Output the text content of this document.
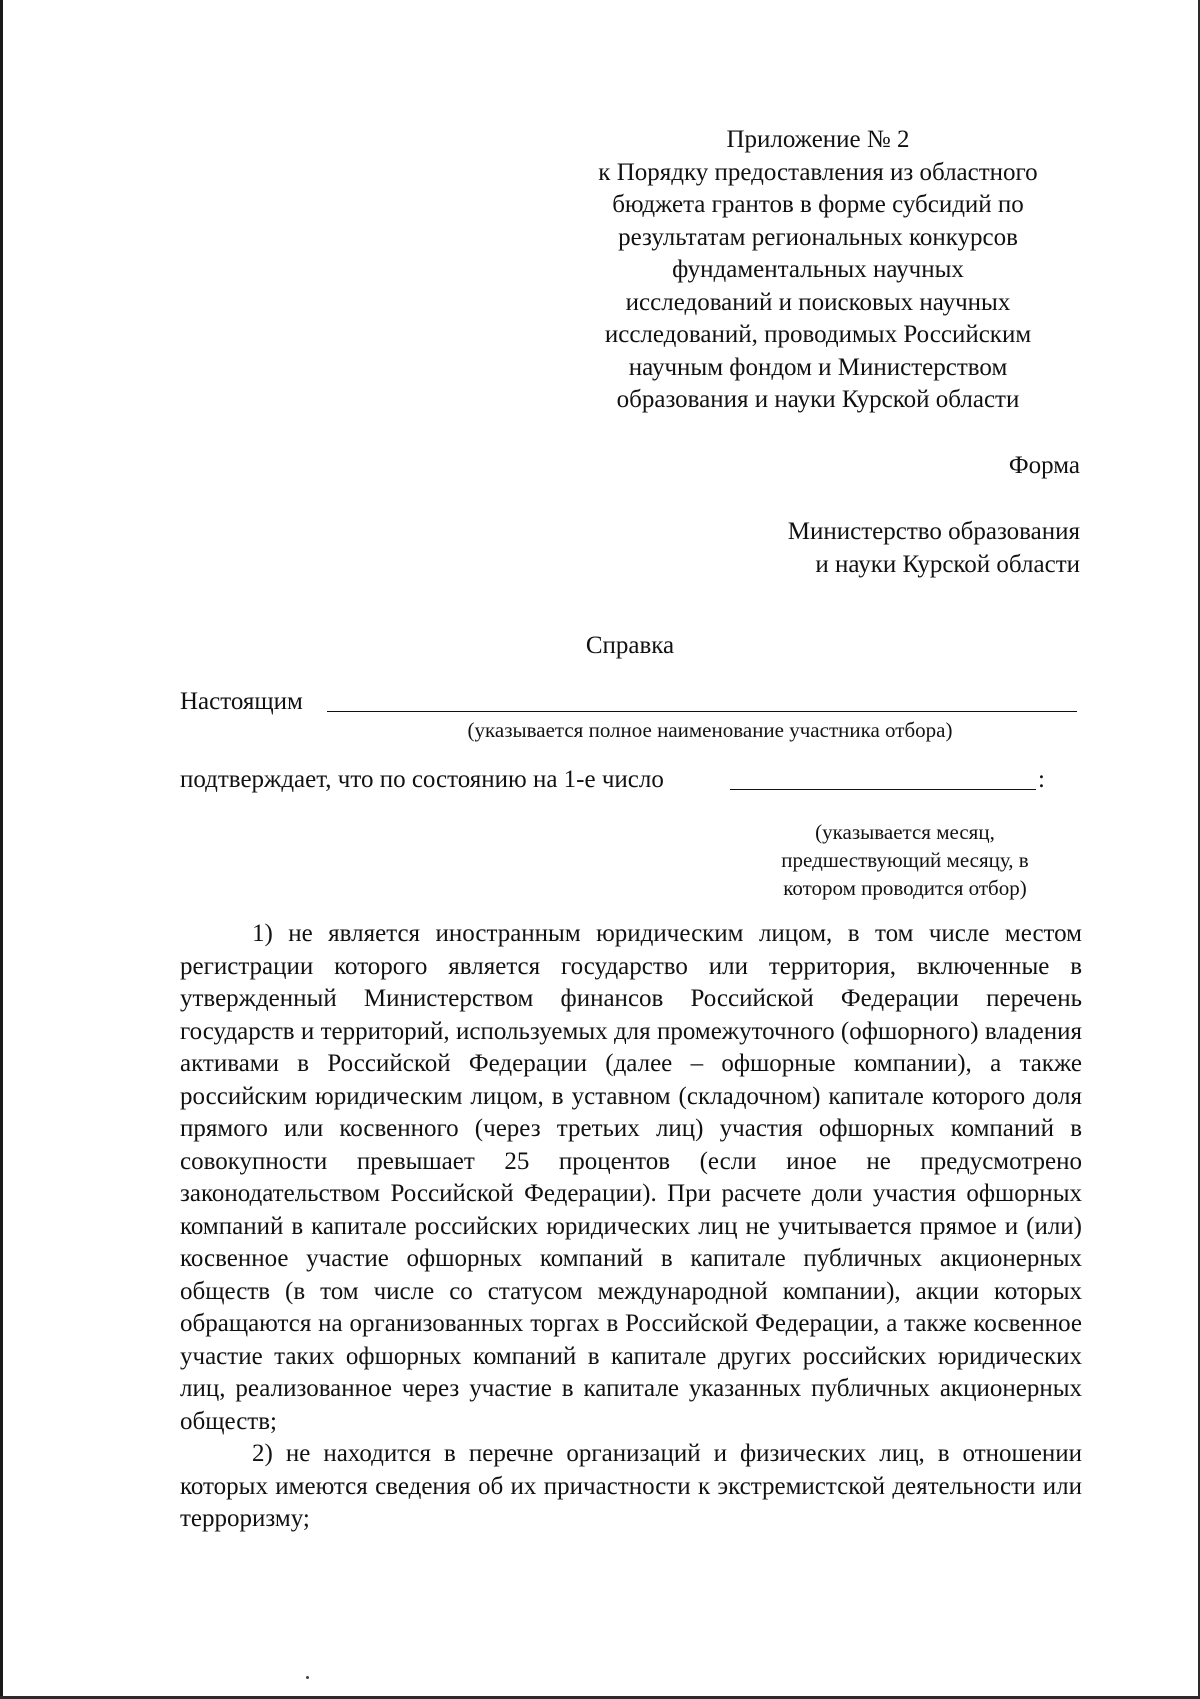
Приложение № 2
к Порядку предоставления из областного
бюджета грантов в форме субсидий по
результатам региональных конкурсов
фундаментальных научных
исследований и поисковых научных
исследований, проводимых Российским
научным фондом и Министерством
образования и науки Курской области
Форма
Министерство образования
и науки Курской области
Справка
Настоящим
(указывается полное наименование участника отбора)
подтверждает, что по состоянию на 1-е число	:
(указывается месяц,
предшествующий месяцу, в
котором проводится отбор)

1) не является иностранным юридическим лицом, в том числе местом регистрации которого является государство или территория, включенные в утвержденный Министерством финансов Российской Федерации перечень государств и территорий, используемых для промежуточного (офшорного) владения активами в Российской Федерации (далее – офшорные компании), а также российским юридическим лицом, в уставном (складочном) капитале которого доля прямого или косвенного (через третьих лиц) участия офшорных компаний в совокупности превышает 25 процентов (если иное не предусмотрено законодательством Российской Федерации). При расчете доли участия офшорных компаний в капитале российских юридических лиц не учитывается прямое и (или) косвенное участие офшорных компаний в капитале публичных акционерных обществ (в том числе со статусом международной компании), акции которых обращаются на организованных торгах в Российской Федерации, а также косвенное участие таких офшорных компаний в капитале других российских юридических лиц, реализованное через участие в капитале указанных публичных акционерных обществ;

2) не находится в перечне организаций и физических лиц, в отношении которых имеются сведения об их причастности к экстремистской деятельности или терроризму;
